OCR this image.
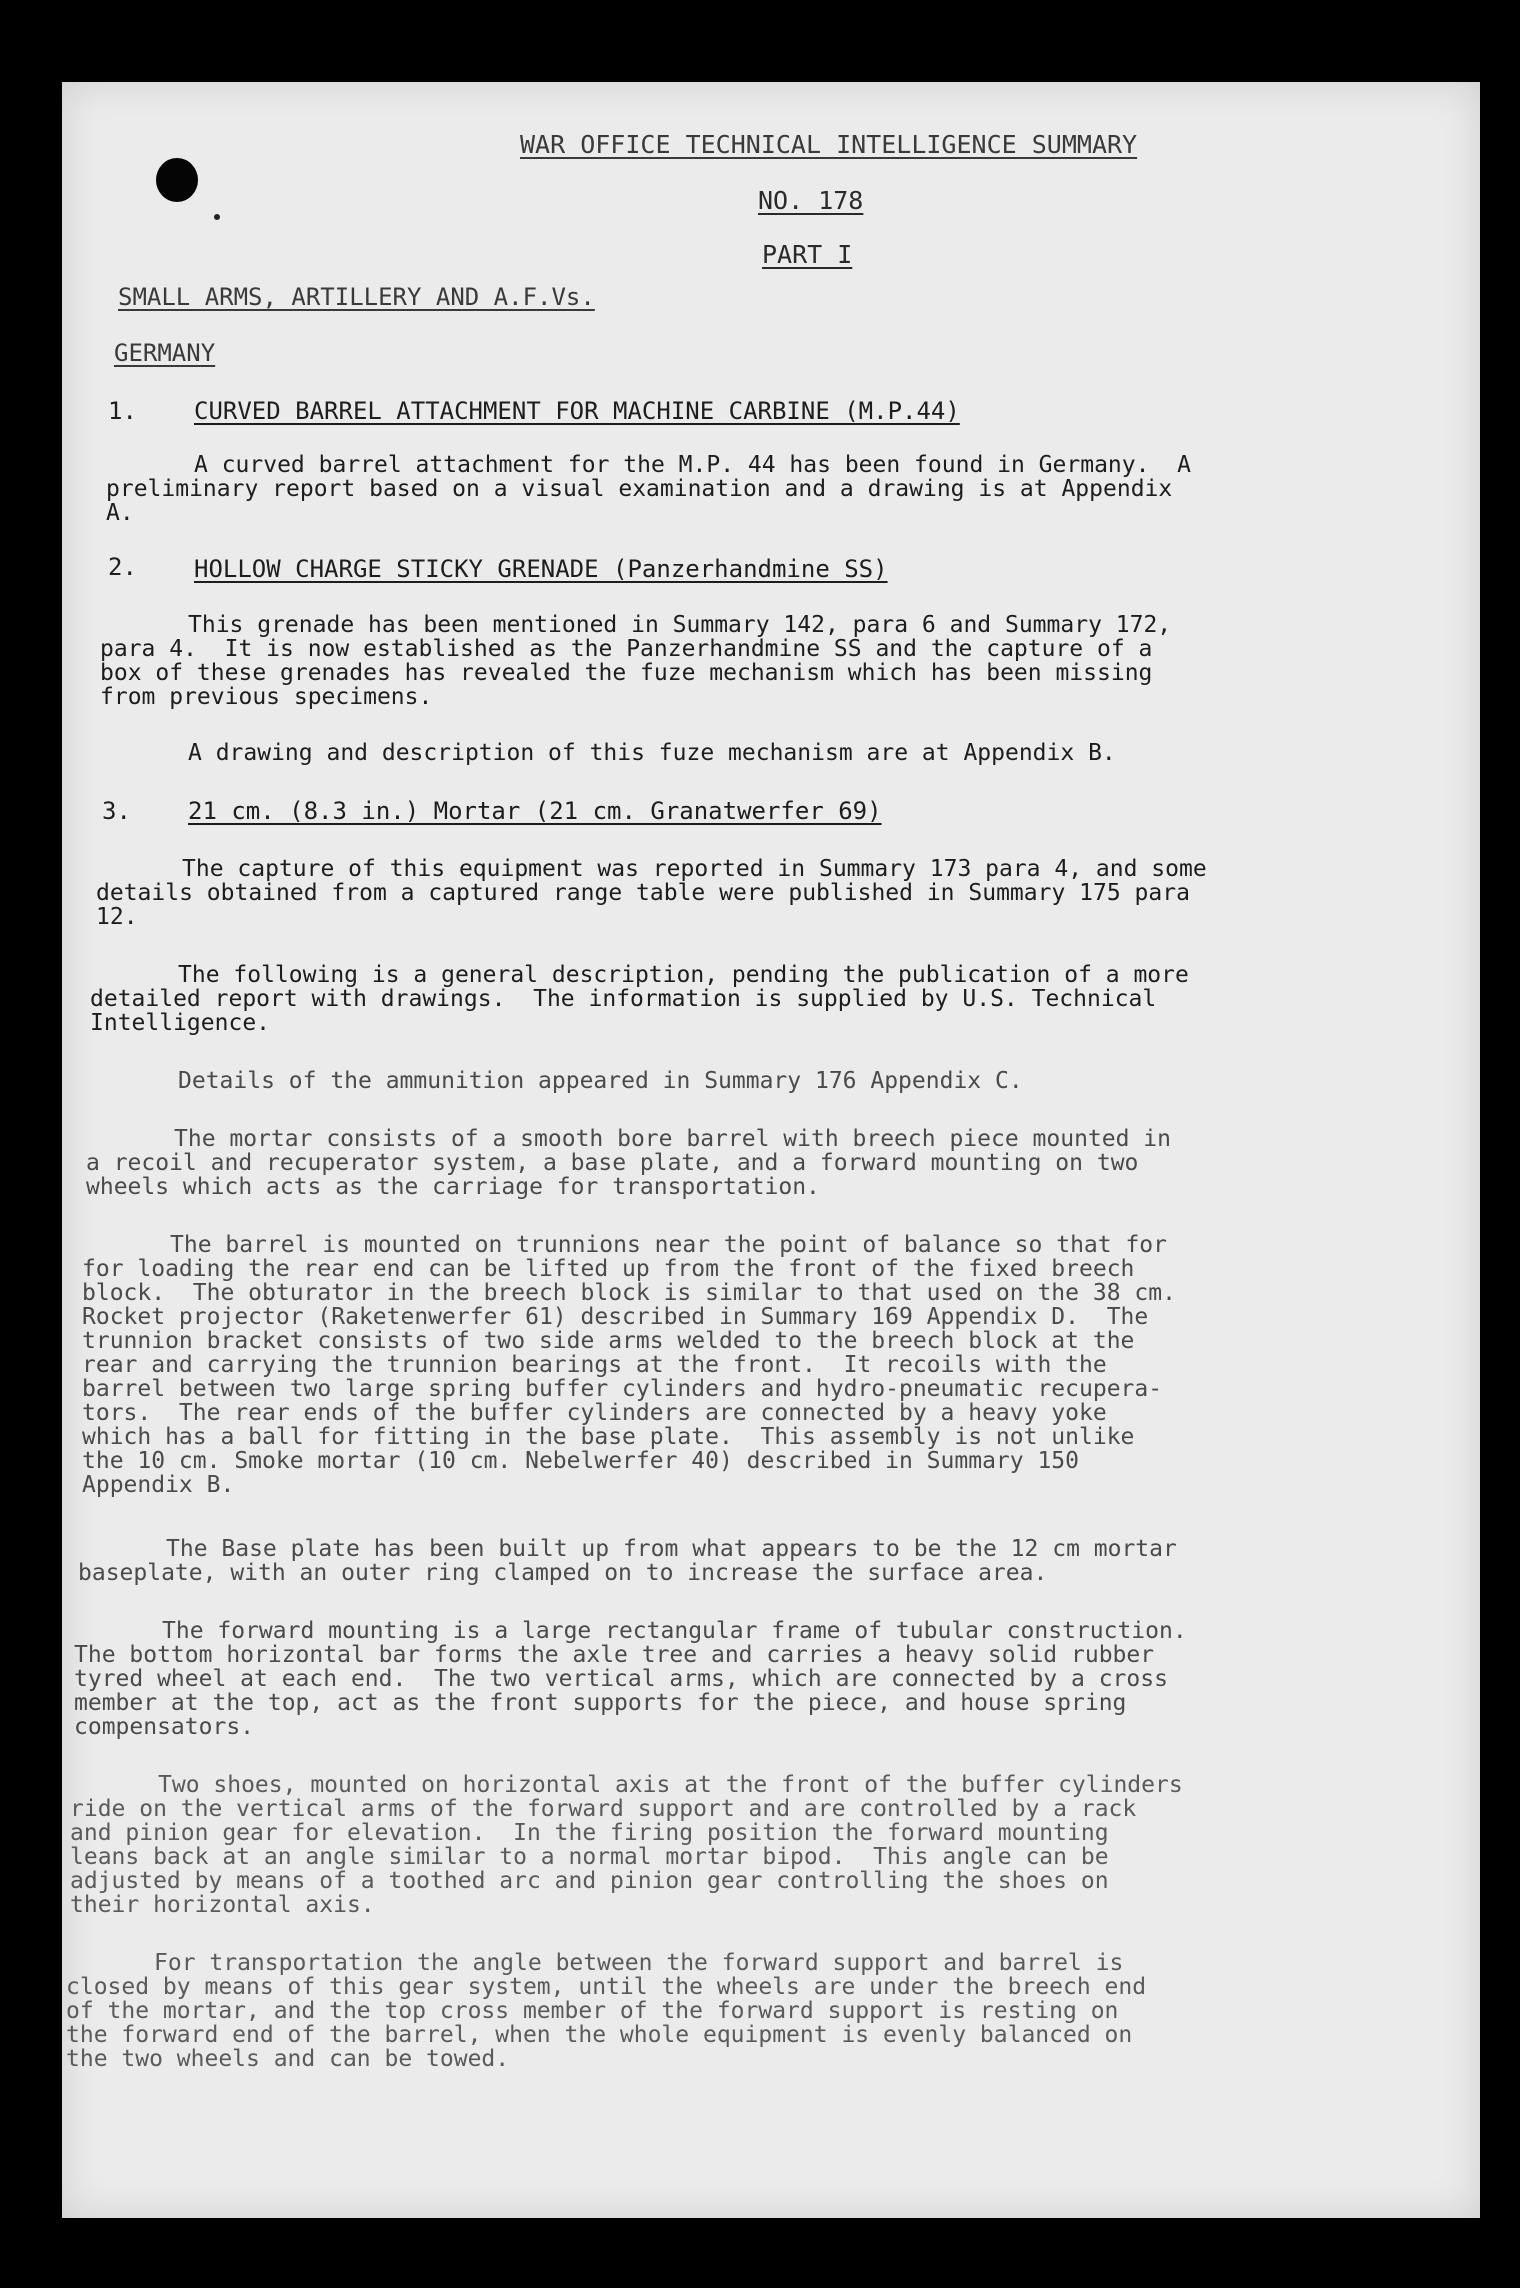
WAR OFFICE TECHNICAL INTELLIGENCE SUMMARY
NO. 178
PART I
SMALL ARMS, ARTILLERY AND A.F.Vs.
GERMANY
1. CURVED BARREL ATTACHMENT FOR MACHINE CARBINE (M.P.44)
A curved barrel attachment for the M.P. 44 has been found in Germany.  A
preliminary report based on a visual examination and a drawing is at Appendix
A.
2. HOLLOW CHARGE STICKY GRENADE (Panzerhandmine SS)
This grenade has been mentioned in Summary 142, para 6 and Summary 172,
para 4.  It is now established as the Panzerhandmine SS and the capture of a
box of these grenades has revealed the fuze mechanism which has been missing
from previous specimens.
A drawing and description of this fuze mechanism are at Appendix B.
3. 21 cm. (8.3 in.) Mortar (21 cm. Granatwerfer 69)
The capture of this equipment was reported in Summary 173 para 4, and some
details obtained from a captured range table were published in Summary 175 para
12.
The following is a general description, pending the publication of a more
detailed report with drawings.  The information is supplied by U.S. Technical
Intelligence.
Details of the ammunition appeared in Summary 176 Appendix C.
The mortar consists of a smooth bore barrel with breech piece mounted in
a recoil and recuperator system, a base plate, and a forward mounting on two
wheels which acts as the carriage for transportation.
The barrel is mounted on trunnions near the point of balance so that for
for loading the rear end can be lifted up from the front of the fixed breech
block.  The obturator in the breech block is similar to that used on the 38 cm.
Rocket projector (Raketenwerfer 61) described in Summary 169 Appendix D.  The
trunnion bracket consists of two side arms welded to the breech block at the
rear and carrying the trunnion bearings at the front.  It recoils with the
barrel between two large spring buffer cylinders and hydro-pneumatic recupera-
tors.  The rear ends of the buffer cylinders are connected by a heavy yoke
which has a ball for fitting in the base plate.  This assembly is not unlike
the 10 cm. Smoke mortar (10 cm. Nebelwerfer 40) described in Summary 150
Appendix B.
The Base plate has been built up from what appears to be the 12 cm mortar
baseplate, with an outer ring clamped on to increase the surface area.
The forward mounting is a large rectangular frame of tubular construction.
The bottom horizontal bar forms the axle tree and carries a heavy solid rubber
tyred wheel at each end.  The two vertical arms, which are connected by a cross
member at the top, act as the front supports for the piece, and house spring
compensators.
Two shoes, mounted on horizontal axis at the front of the buffer cylinders
ride on the vertical arms of the forward support and are controlled by a rack
and pinion gear for elevation.  In the firing position the forward mounting
leans back at an angle similar to a normal mortar bipod.  This angle can be
adjusted by means of a toothed arc and pinion gear controlling the shoes on
their horizontal axis.
For transportation the angle between the forward support and barrel is
closed by means of this gear system, until the wheels are under the breech end
of the mortar, and the top cross member of the forward support is resting on
the forward end of the barrel, when the whole equipment is evenly balanced on
the two wheels and can be towed.
